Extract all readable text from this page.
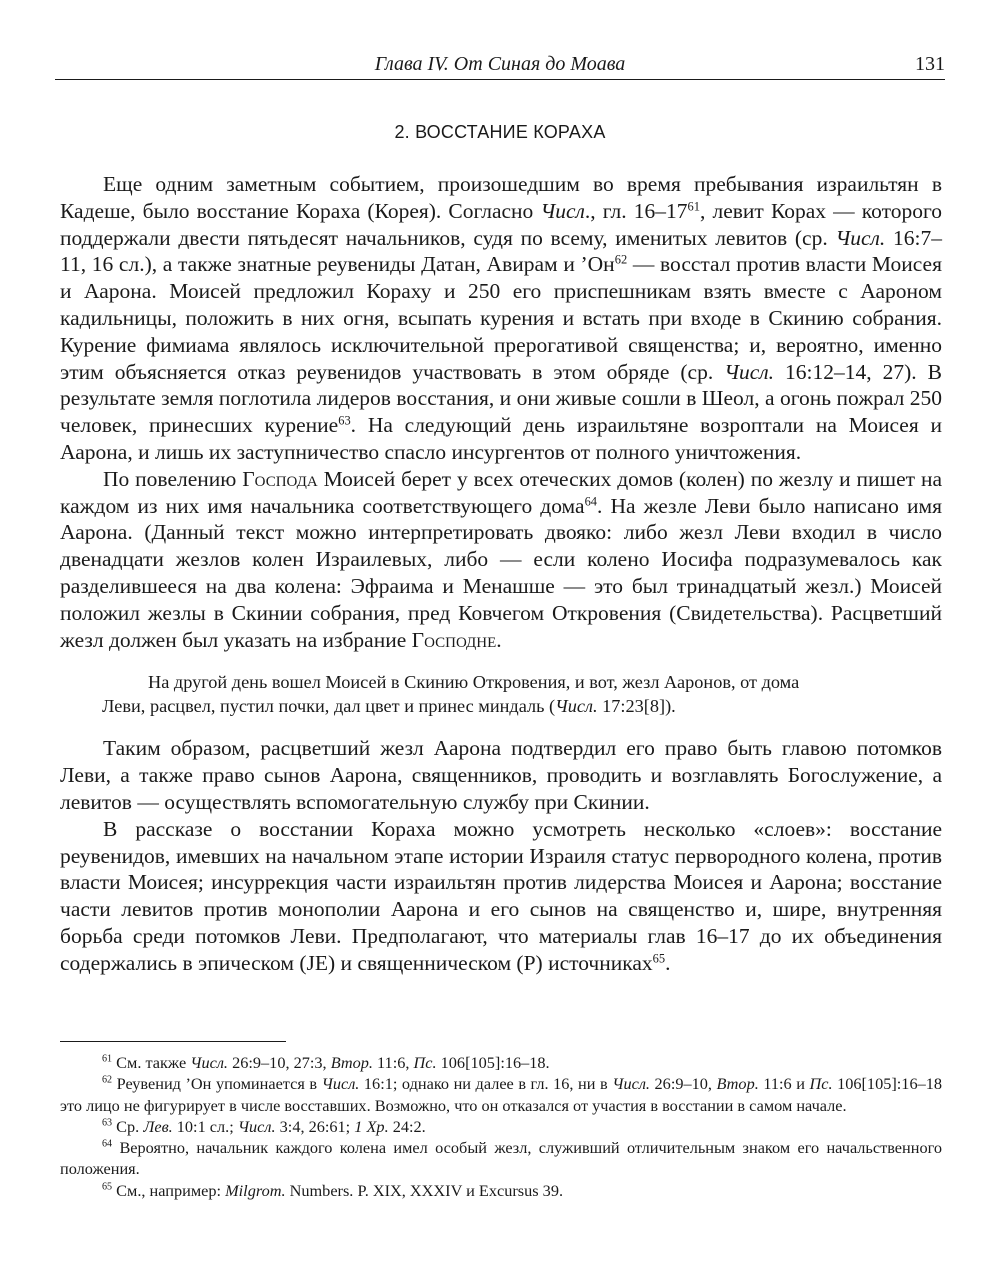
Глава IV. От Синая до Моава	131
2. ВОССТАНИЕ КОРАХА

Еще одним заметным событием, произошедшим во время пребывания израильтян в Кадеше, было восстание Кораха (Корея). Согласно Числ., гл. $16-17^{61}$, левит Корах — которого поддержали двести пятьдесят начальников, судя по всему, именитых левитов (ср. Числ. 16:7–11, 16 сл.), а также знатные реувениды Датан, Авирам и $’Он^{62}$ — восстал против власти Моисея и Аарона. Моисей предложил Кораху и 250 его приспешникам взять вместе с Аароном кадильницы, положить в них огня, всыпать курения и встать при входе в Скинию собрания. Курение фимиама являлось исключительной прерогативой священства; и, вероятно, именно этим объясняется отказ реувенидов участвовать в этом обряде (ср. Числ. 16:12–14, 27). В результате земля поглотила лидеров восстания, и они живые сошли в Шеол, а огонь пожрал 250 человек, принесших курение$^{63}$. На следующий день израильтяне возроптали на Моисея и Аарона, и лишь их заступничество спасло инсургентов от полного уничтожения.

По повелению Господа Моисей берет у всех отеческих домов (колен) по жезлу и пишет на каждом из них имя начальника соответствующего дома$^{64}$. На жезле Леви было написано имя Аарона. (Данный текст можно интерпретировать двояко: либо жезл Леви входил в число двенадцати жезлов колен Израилевых, либо — если колено Иосифа подразумевалось как разделившееся на два колена: Эфраима и Менашше — это был тринадцатый жезл.) Моисей положил жезлы в Скинии собрания, пред Ковчегом Откровения (Свидетельства). Расцветший жезл должен был указать на избрание Господне.

На другой день вошел Моисей в Скинию Откровения, и вот, жезл Ааронов, от дома
Леви, расцвел, пустил почки, дал цвет и принес миндаль (Числ. 17:23[8]).

Таким образом, расцветший жезл Аарона подтвердил его право быть главою потомков Леви, а также право сынов Аарона, священников, проводить и возглавлять Богослужение, а левитов — осуществлять вспомогательную службу при Скинии.

В рассказе о восстании Кораха можно усмотреть несколько «слоев»: восстание реувенидов, имевших на начальном этапе истории Израиля статус первородного колена, против власти Моисея; инсуррекция части израильтян против лидерства Моисея и Аарона; восстание части левитов против монополии Аарона и его сынов на священство и, шире, внутренняя борьба среди потомков Леви. Предполагают, что материалы глав 16–17 до их объединения содержались в эпическом (JE) и священническом (P) источниках$^{65}$.

$^{61}$ См. также Числ. 26:9–10, 27:3, Втор. 11:6, Пс. 106[105]:16–18.

$^{62}$ Реувенид ’Он упоминается в Числ. 16:1; однако ни далее в гл. 16, ни в Числ. 26:9–10, Втор. 11:6 и Пс. 106[105]:16–18 это лицо не фигурирует в числе восставших. Возможно, что он отказался от участия в восстании в самом начале.

$^{63}$ Ср. Лев. 10:1 сл.; Числ. 3:4, 26:61; 1 Хр. 24:2.

$^{64}$ Вероятно, начальник каждого колена имел особый жезл, служивший отличительным знаком его начальственного положения.

$^{65}$ См., например: Milgrom. Numbers. P. XIX, XXXIV и Excursus 39.
